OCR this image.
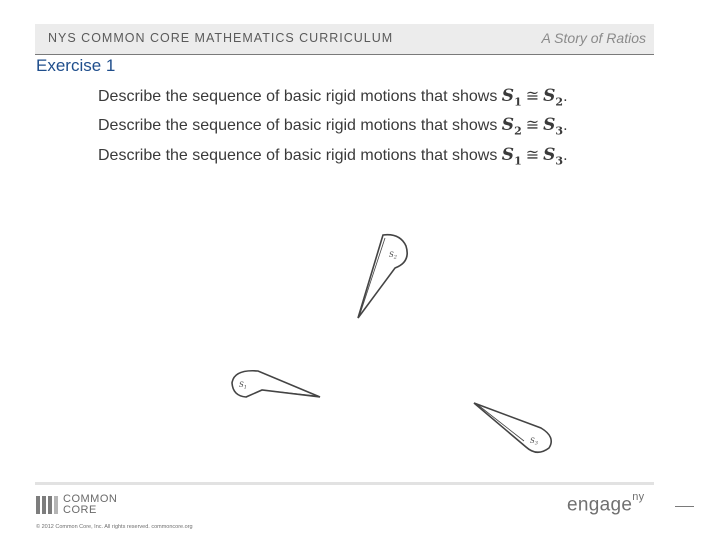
NYS COMMON CORE MATHEMATICS CURRICULUM	A Story of Ratios
Exercise 1
Describe the sequence of basic rigid motions that shows $S_1$ ≅ $S_2$.
Describe the sequence of basic rigid motions that shows $S_2$ ≅ $S_3$.
Describe the sequence of basic rigid motions that shows $S_1$ ≅ $S_3$.
$S_2$
$S_1$
$S_3$
COMMON
CORE
© 2012 Common Core, Inc. All rights reserved. commoncore.org
engage$^{ny}$
